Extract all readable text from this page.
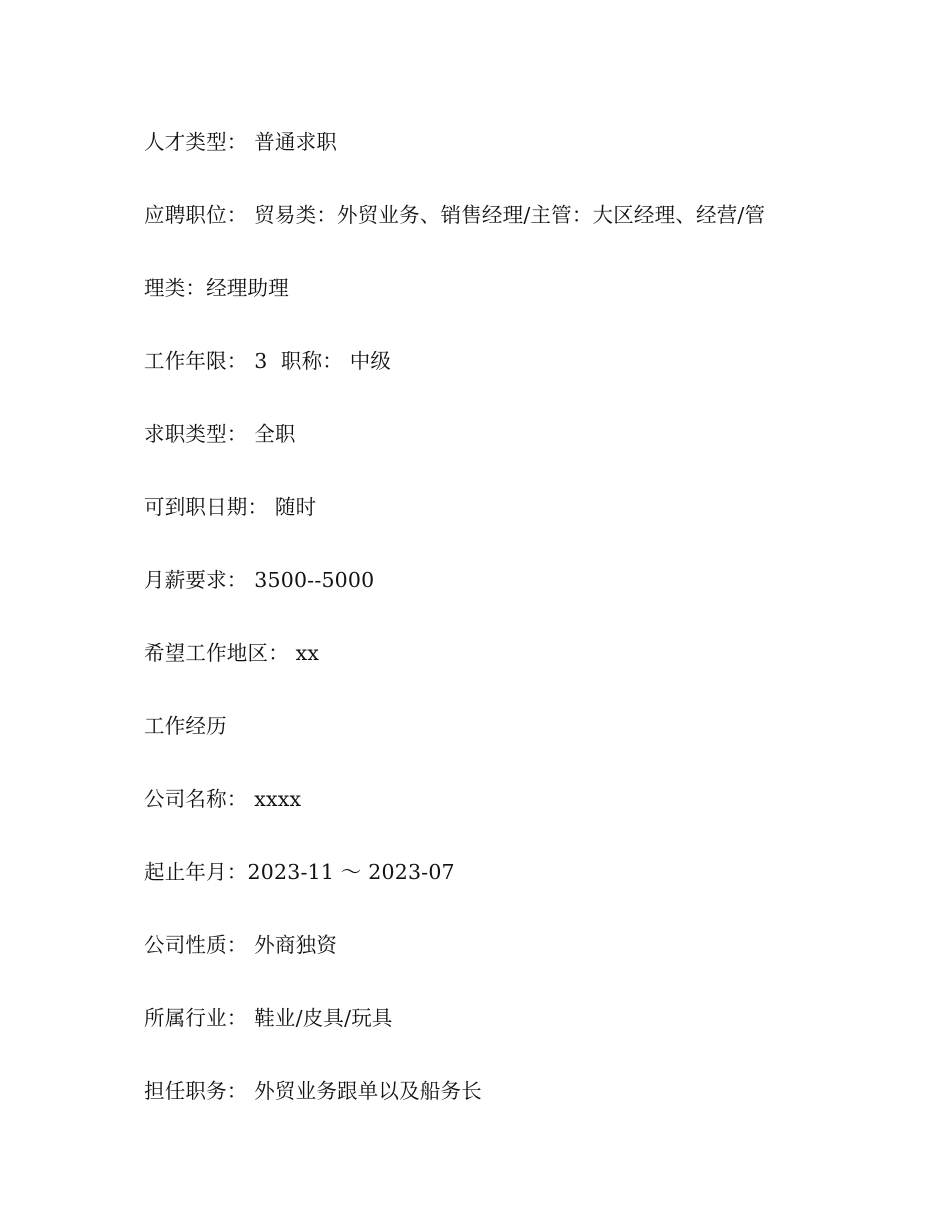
人才类型： 普通求职
应聘职位： 贸易类：外贸业务、销售经理/主管：大区经理、经营/管
理类：经理助理
工作年限： 3  职称： 中级
求职类型： 全职
可到职日期： 随时
月薪要求： 3500--5000
希望工作地区： xx
工作经历
公司名称： xxxx
起止年月：2023-11 ～ 2023-07
公司性质： 外商独资
所属行业： 鞋业/皮具/玩具
担任职务： 外贸业务跟单以及船务长
